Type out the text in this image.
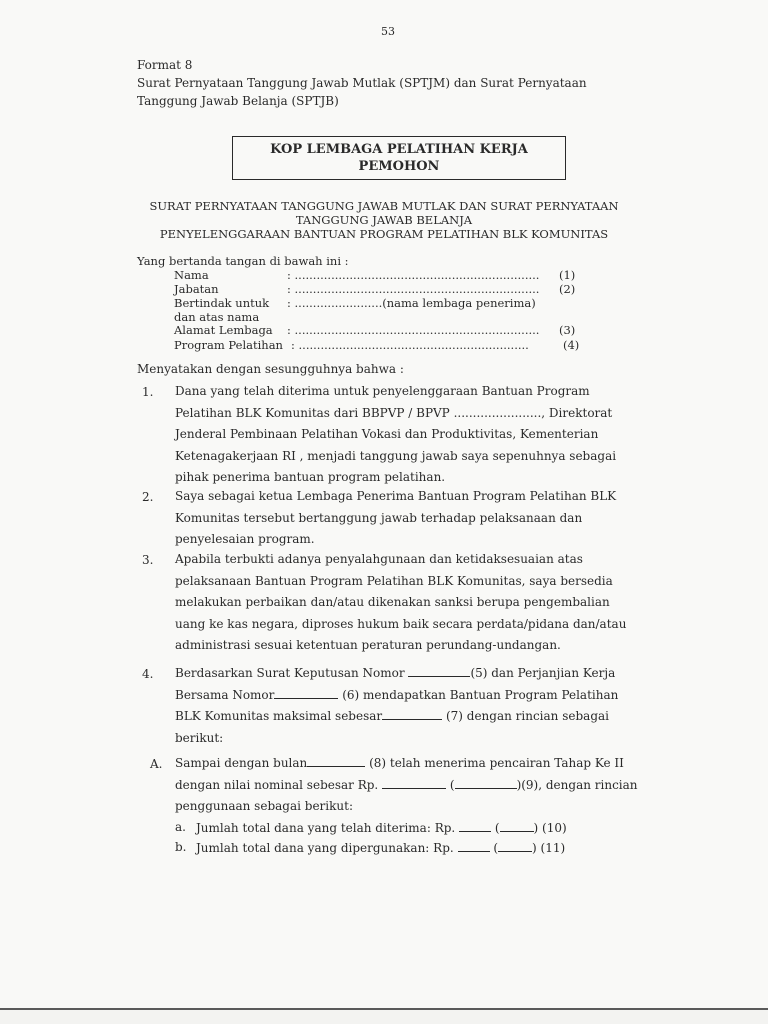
53
Format 8
Surat Pernyataan Tanggung Jawab Mutlak (SPTJM) dan Surat Pernyataan
Tanggung Jawab Belanja (SPTJB)
KOP LEMBAGA PELATIHAN KERJA
PEMOHON
SURAT PERNYATAAN TANGGUNG JAWAB MUTLAK DAN SURAT PERNYATAAN
TANGGUNG JAWAB BELANJA
PENYELENGGARAAN BANTUAN PROGRAM PELATIHAN BLK KOMUNITAS
Yang bertanda tangan di bawah ini :
Nama	: ................................................................... (1)
Jabatan	: ................................................................... (2)
Bertindak untuk : ........................(nama lembaga penerima)
dan atas nama
Alamat Lembaga : ................................................................... (3)
Program Pelatihan : ...............................................................	(4)
Menyatakan dengan sesungguhnya bahwa :
1. Dana yang telah diterima untuk penyelenggaraan Bantuan Program
Pelatihan BLK Komunitas dari BBPVP / BPVP ......................., Direktorat
Jenderal Pembinaan Pelatihan Vokasi dan Produktivitas, Kementerian
Ketenagakerjaan RI , menjadi tanggung jawab saya sepenuhnya sebagai
pihak penerima bantuan program pelatihan.
2. Saya sebagai ketua Lembaga Penerima Bantuan Program Pelatihan BLK
Komunitas tersebut bertanggung jawab terhadap pelaksanaan dan
penyelesaian program.
3. Apabila terbukti adanya penyalahgunaan dan ketidaksesuaian atas
pelaksanaan Bantuan Program Pelatihan BLK Komunitas, saya bersedia
melakukan perbaikan dan/atau dikenakan sanksi berupa pengembalian
uang ke kas negara, diproses hukum baik secara perdata/pidana dan/atau
administrasi sesuai ketentuan peraturan perundang-undangan.
4. Berdasarkan Surat Keputusan Nomor	(5) dan Perjanjian Kerja
Bersama Nomor	(6) mendapatkan Bantuan Program Pelatihan
BLK Komunitas maksimal sebesar	(7) dengan rincian sebagai
berikut:
A. Sampai dengan bulan	(8) telah menerima pencairan Tahap Ke II
dengan nilai nominal sebesar Rp.	(	)(9), dengan rincian
penggunaan sebagai berikut:
a. Jumlah total dana yang telah diterima: Rp.	(	) (10)
b. Jumlah total dana yang dipergunakan: Rp.	(	) (11)
